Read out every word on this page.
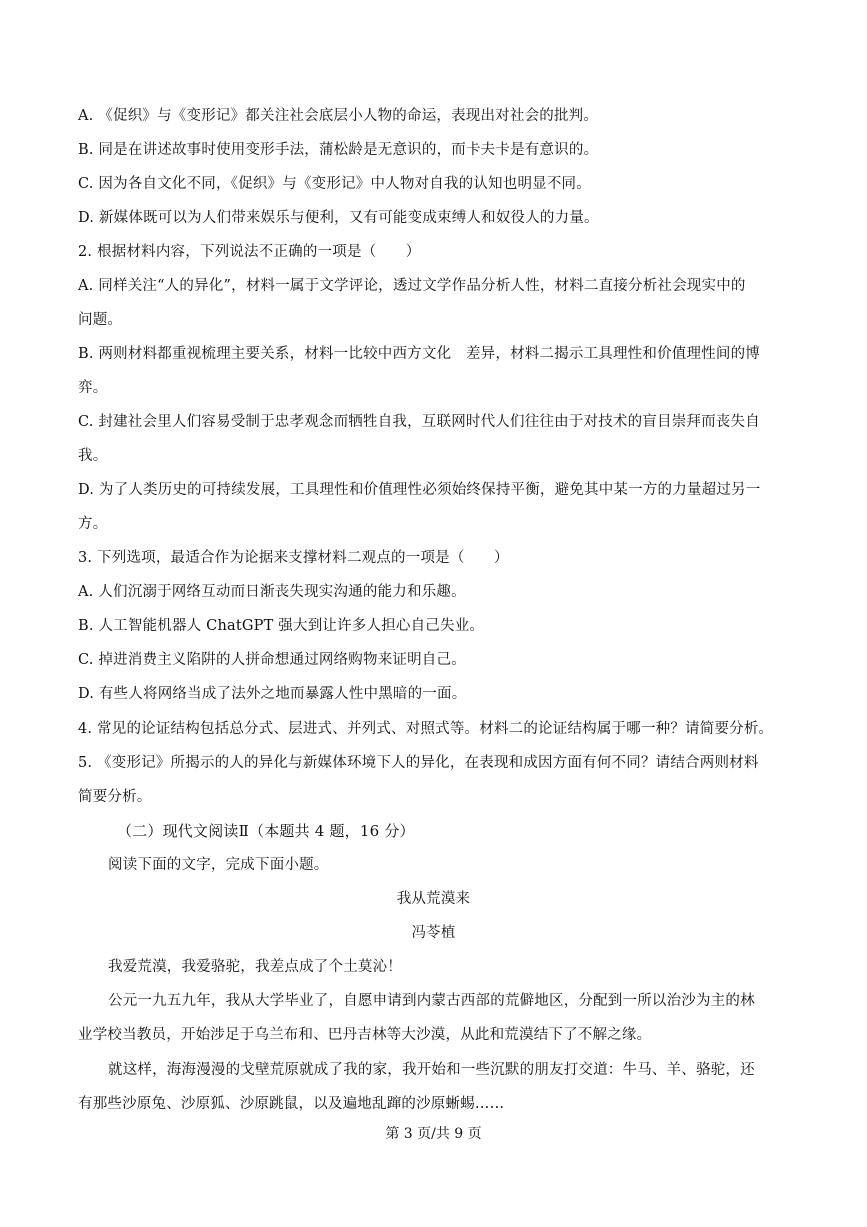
A. 《促织》与《变形记》都关注社会底层小人物的命运，表现出对社会的批判。
B. 同是在讲述故事时使用变形手法，蒲松龄是无意识的，而卡夫卡是有意识的。
C. 因为各自文化不同，《促织》与《变形记》中人物对自我的认知也明显不同。
D. 新媒体既可以为人们带来娱乐与便利，又有可能变成束缚人和奴役人的力量。
2. 根据材料内容，下列说法不正确的一项是（　　）
A. 同样关注“人的异化”，材料一属于文学评论，透过文学作品分析人性，材料二直接分析社会现实中的
问题。
B. 两则材料都重视梳理主要关系，材料一比较中西方文化　差异，材料二揭示工具理性和价值理性间的博
弈。
C. 封建社会里人们容易受制于忠孝观念而牺牲自我，互联网时代人们往往由于对技术的盲目崇拜而丧失自
我。
D. 为了人类历史的可持续发展，工具理性和价值理性必须始终保持平衡，避免其中某一方的力量超过另一
方。
3. 下列选项，最适合作为论据来支撑材料二观点的一项是（　　）
A. 人们沉溺于网络互动而日渐丧失现实沟通的能力和乐趣。
B. 人工智能机器人 ChatGPT 强大到让许多人担心自己失业。
C. 掉进消费主义陷阱的人拼命想通过网络购物来证明自己。
D. 有些人将网络当成了法外之地而暴露人性中黑暗的一面。
4. 常见的论证结构包括总分式、层进式、并列式、对照式等。材料二的论证结构属于哪一种？请简要分析。
5. 《变形记》所揭示的人的异化与新媒体环境下人的异化，在表现和成因方面有何不同？请结合两则材料
简要分析。
（二）现代文阅读Ⅱ（本题共 4 题，16 分）
阅读下面的文字，完成下面小题。
我从荒漠来
冯苓植
我爱荒漠，我爱骆驼，我差点成了个土莫沁！
公元一九五九年，我从大学毕业了，自愿申请到内蒙古西部的荒僻地区，分配到一所以治沙为主的林
业学校当教员，开始涉足于乌兰布和、巴丹吉林等大沙漠，从此和荒漠结下了不解之缘。
就这样，海海漫漫的戈壁荒原就成了我的家，我开始和一些沉默的朋友打交道：牛马、羊、骆驼，还
有那些沙原兔、沙原狐、沙原跳鼠，以及遍地乱蹿的沙原蜥蜴……
第 3 页/共 9 页
